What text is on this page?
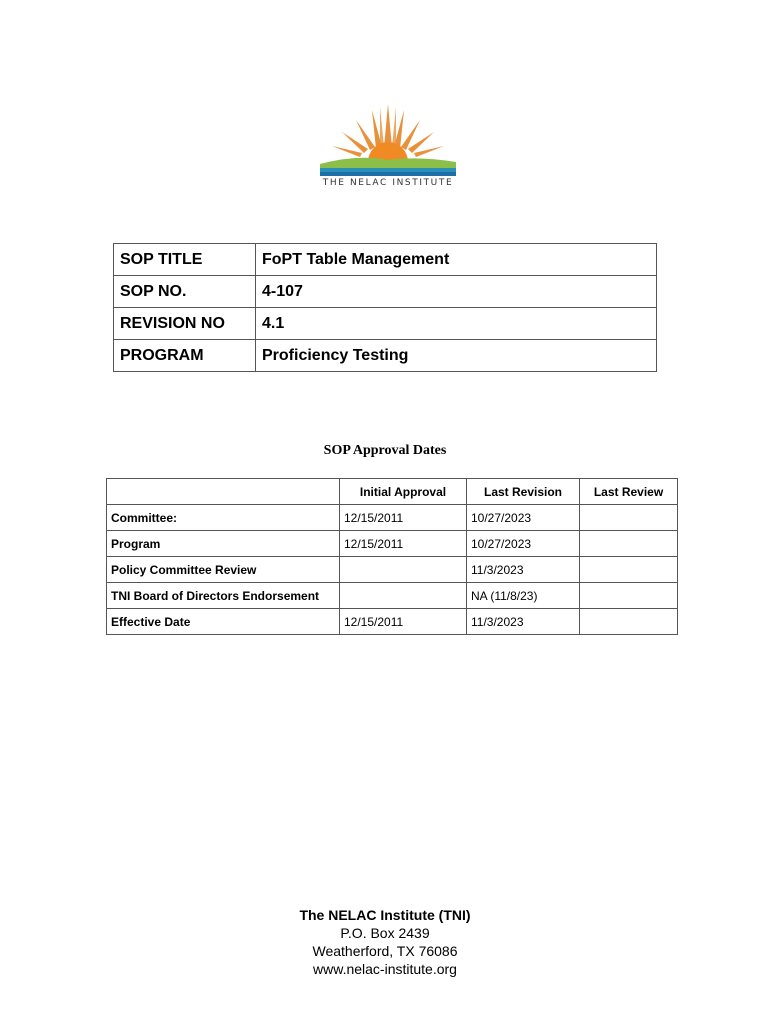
THE NELAC INSTITUTE
SOP TITLE	FoPT Table Management
SOP NO.	4-107
REVISION NO	4.1
PROGRAM	Proficiency Testing
SOP Approval Dates
	Initial Approval	Last Revision	Last Review
Committee:	12/15/2011	10/27/2023	
Program	12/15/2011	10/27/2023	
Policy Committee Review		11/3/2023	
TNI Board of Directors Endorsement		NA (11/8/23)	
Effective Date	12/15/2011	11/3/2023	
The NELAC Institute (TNI)
P.O. Box 2439
Weatherford, TX 76086
www.nelac-institute.org
